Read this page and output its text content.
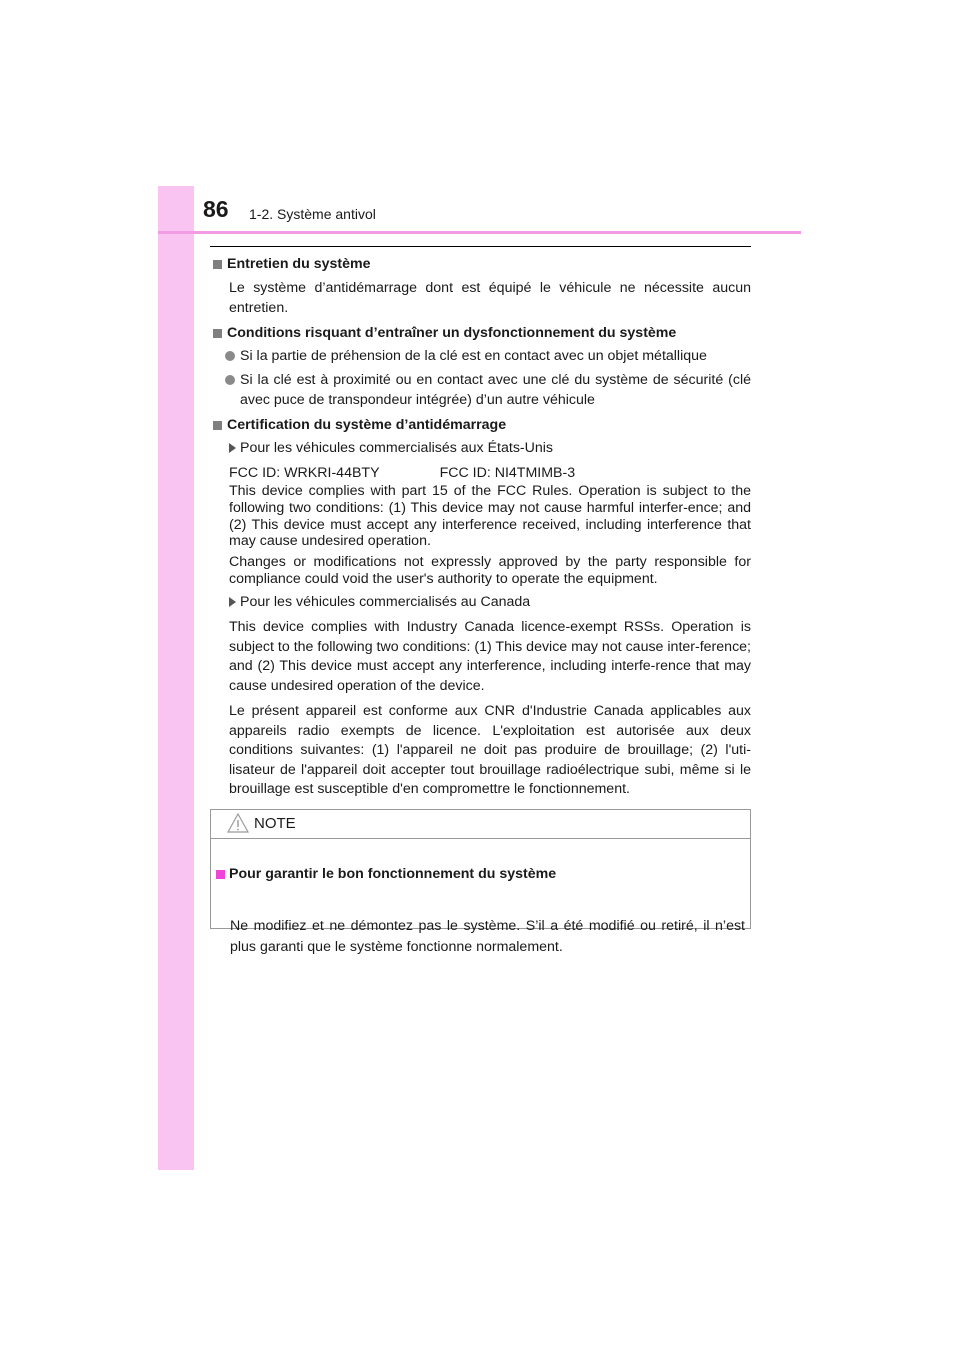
86 1-2. Système antivol

Entretien du système

Le système d’antidémarrage dont est équipé le véhicule ne nécessite aucun entretien.

Conditions risquant d’entraîner un dysfonctionnement du système

Si la partie de préhension de la clé est en contact avec un objet métallique

Si la clé est à proximité ou en contact avec une clé du système de sécurité (clé avec puce de transpondeur intégrée) d’un autre véhicule

Certification du système d’antidémarrage

Pour les véhicules commercialisés aux États-Unis

FCC ID: WRKRI-44BTY	FCC ID: NI4TMIMB-3

This device complies with part 15 of the FCC Rules. Operation is subject to the following two conditions: (1) This device may not cause harmful interfer-ence; and (2) This device must accept any interference received, including interference that may cause undesired operation.

Changes or modifications not expressly approved by the party responsible for compliance could void the user's authority to operate the equipment.

Pour les véhicules commercialisés au Canada

This device complies with Industry Canada licence-exempt RSSs. Operation is subject to the following two conditions: (1) This device may not cause inter-ference; and (2) This device must accept any interference, including interfe-rence that may cause undesired operation of the device.

Le présent appareil est conforme aux CNR d'Industrie Canada applicables aux appareils radio exempts de licence. L'exploitation est autorisée aux deux conditions suivantes: (1) l'appareil ne doit pas produire de brouillage; (2) l'uti-lisateur de l'appareil doit accepter tout brouillage radioélectrique subi, même si le brouillage est susceptible d'en compromettre le fonctionnement.

NOTE

Pour garantir le bon fonctionnement du système

Ne modifiez et ne démontez pas le système. S’il a été modifié ou retiré, il n’est plus garanti que le système fonctionne normalement.
